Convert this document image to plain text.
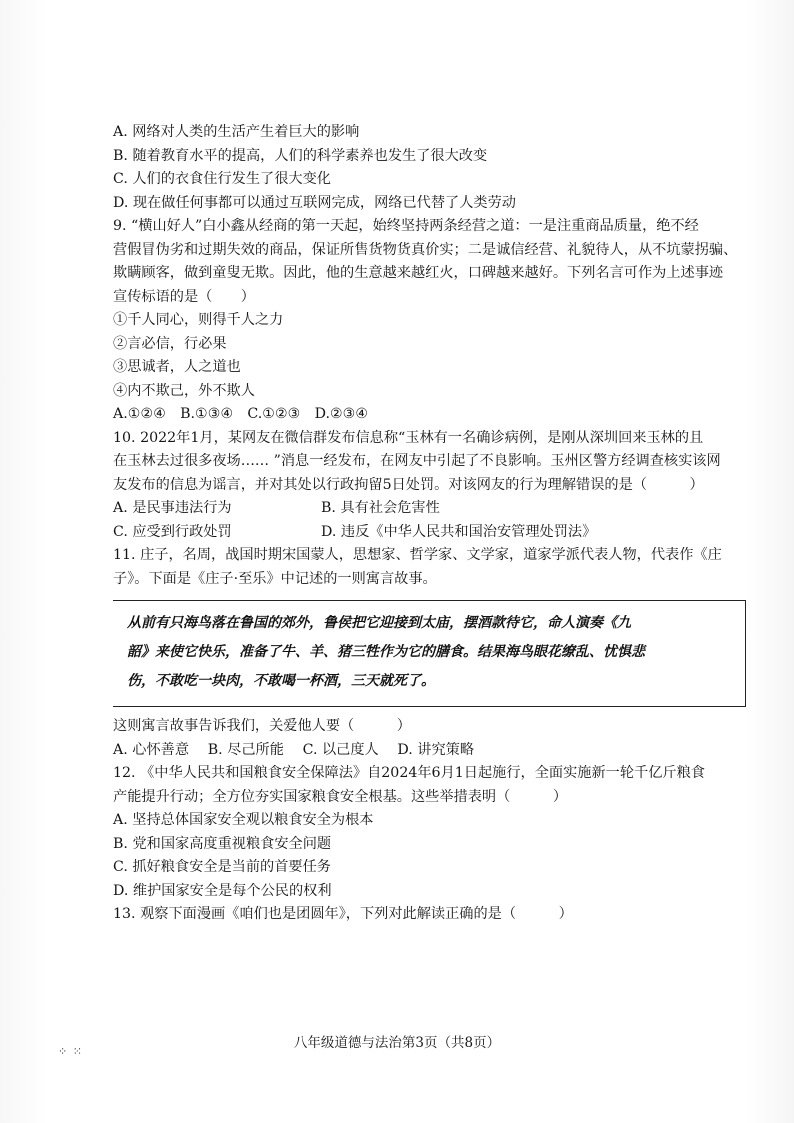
A. 网络对人类的生活产生着巨大的影响
B. 随着教育水平的提高，人们的科学素养也发生了很大改变
C. 人们的衣食住行发生了很大变化
D. 现在做任何事都可以通过互联网完成，网络已代替了人类劳动
9. “横山好人”白小鑫从经商的第一天起，始终坚持两条经营之道：一是注重商品质量，绝不经
营假冒伪劣和过期失效的商品，保证所售货物货真价实；二是诚信经营、礼貌待人，从不坑蒙拐骗、
欺瞒顾客，做到童叟无欺。因此，他的生意越来越红火，口碑越来越好。下列名言可作为上述事迹
宣传标语的是（　　）
①千人同心，则得千人之力
②言必信，行必果
③思诚者，人之道也
④内不欺己，外不欺人
A.①②④　B.①③④　C.①②③　D.②③④
10. 2022年1月，某网友在微信群发布信息称“玉林有一名确诊病例，是刚从深圳回来玉林的且
在玉林去过很多夜场…… ”消息一经发布，在网友中引起了不良影响。玉州区警方经调查核实该网
友发布的信息为谣言，并对其处以行政拘留5日处罚。对该网友的行为理解错误的是（　　　）
A. 是民事违法行为	B. 具有社会危害性
C. 应受到行政处罚	D. 违反《中华人民共和国治安管理处罚法》
11. 庄子，名周，战国时期宋国蒙人，思想家、哲学家、文学家，道家学派代表人物，代表作《庄
子》。下面是《庄子·至乐》中记述的一则寓言故事。
从前有只海鸟落在鲁国的郊外，鲁侯把它迎接到太庙，摆酒款待它，命人演奏《九
韶》来使它快乐，准备了牛、羊、猪三牲作为它的膳食。结果海鸟眼花缭乱、忧惧悲
伤，不敢吃一块肉，不敢喝一杯酒，三天就死了。
这则寓言故事告诉我们，关爱他人要（　　　）
A. 心怀善意　 B. 尽己所能　 C. 以己度人　 D. 讲究策略
12. 《中华人民共和国粮食安全保障法》自2024年6月1日起施行，全面实施新一轮千亿斤粮食
产能提升行动；全方位夯实国家粮食安全根基。这些举措表明（　　　）
A. 坚持总体国家安全观以粮食安全为根本
B. 党和国家高度重视粮食安全问题
C. 抓好粮食安全是当前的首要任务
D. 维护国家安全是每个公民的权利
13. 观察下面漫画《咱们也是团圆年》，下列对此解读正确的是（　　　）
⁘ ⁙
八年级道德与法治第3页（共8页）
